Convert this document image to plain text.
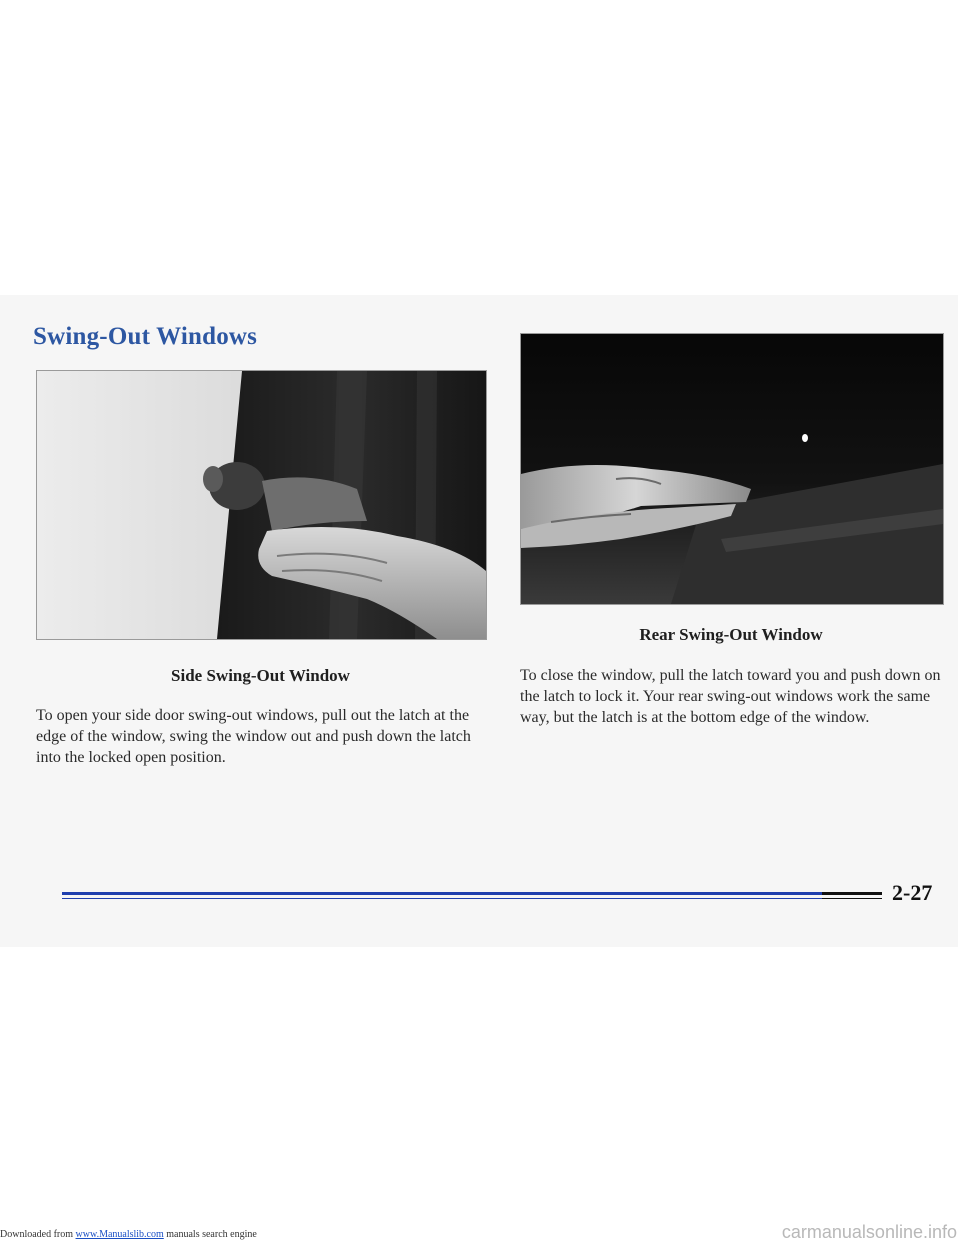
Swing-Out Windows
Side Swing-Out Window
Rear Swing-Out Window

To open your side door swing-out windows, pull out the latch at the edge of the window, swing the window out and push down the latch into the locked open position.

To close the window, pull the latch toward you and push down on the latch to lock it. Your rear swing-out windows work the same way, but the latch is at the bottom edge of the window.

2-27
Downloaded from www.Manualslib.com manuals search engine	carmanualsonline.info
